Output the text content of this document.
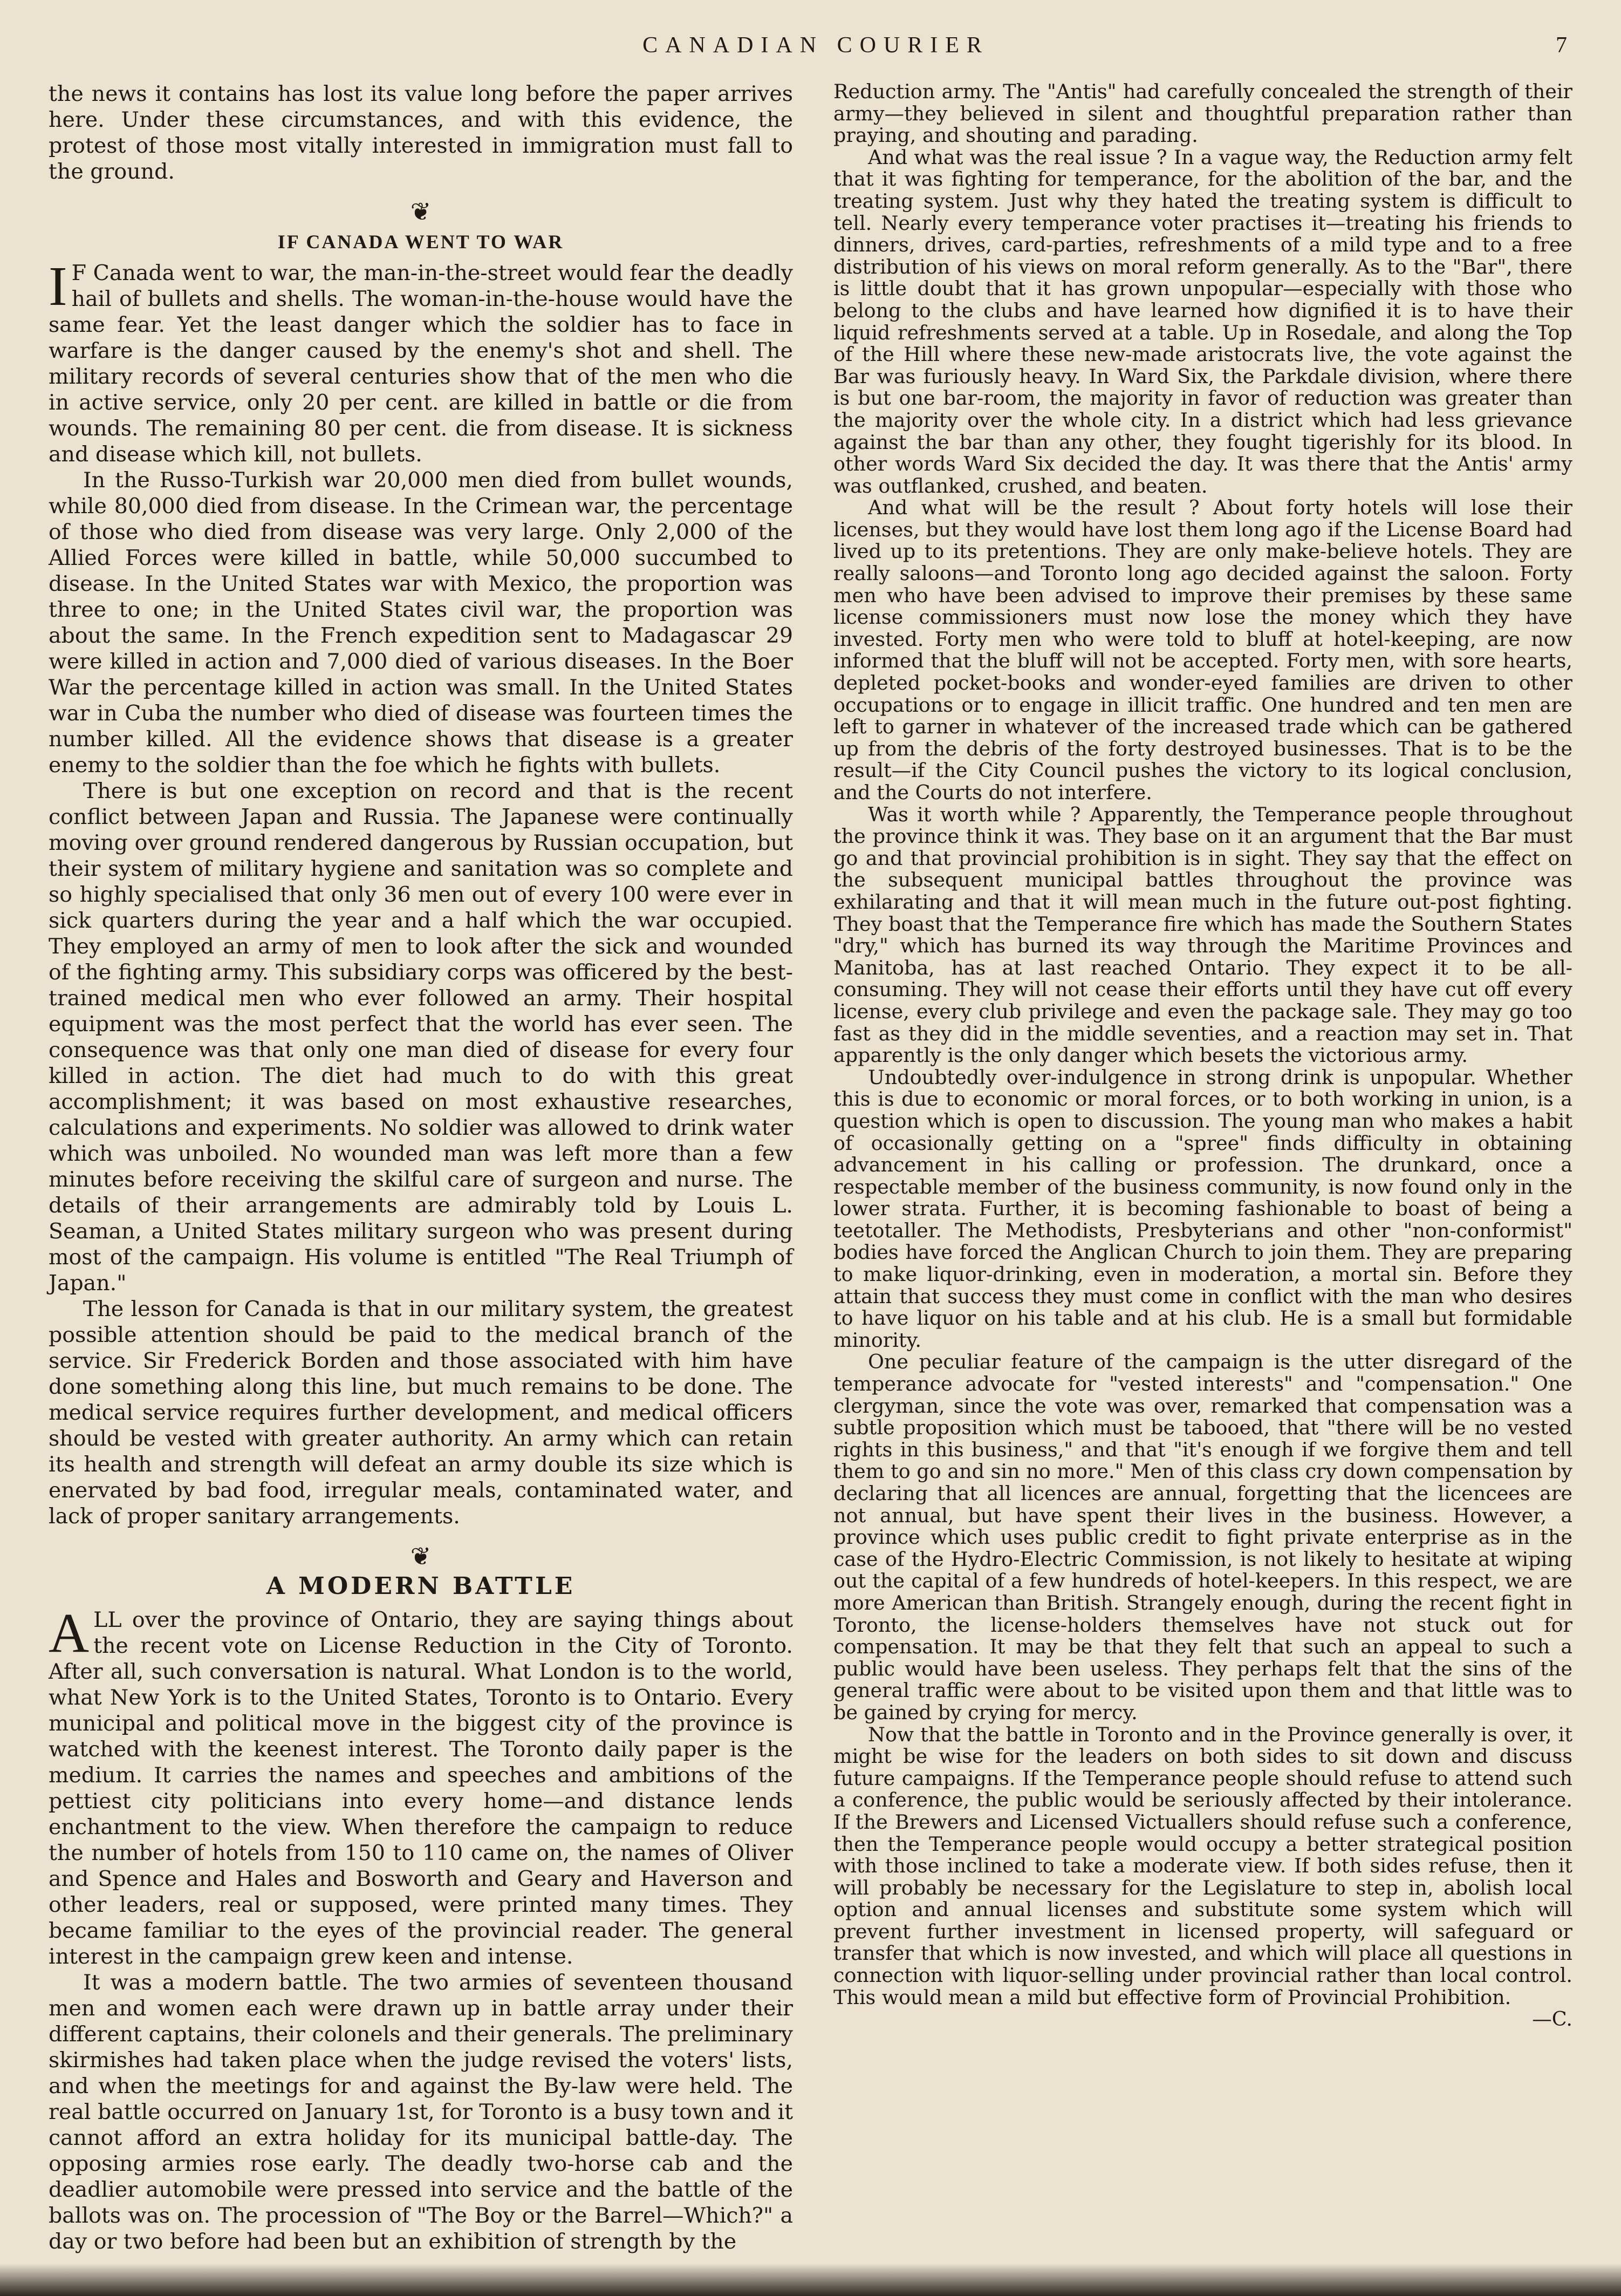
CANADIAN COURIER	7

the news it contains has lost its value long before the paper arrives here. Under these circumstances, and with this evidence, the protest of those most vitally interested in immigration must fall to the ground.

❦
IF CANADA WENT TO WAR

I F Canada went to war, the man-in-the-street would fear the deadly hail of bullets and shells. The woman-in-the-house would have the same fear. Yet the least danger which the soldier has to face in warfare is the danger caused by the enemy's shot and shell. The military records of several centuries show that of the men who die in active service, only 20 per cent. are killed in battle or die from wounds. The remaining 80 per cent. die from disease. It is sickness and disease which kill, not bullets.

In the Russo-Turkish war 20,000 men died from bullet wounds, while 80,000 died from disease. In the Crimean war, the percentage of those who died from disease was very large. Only 2,000 of the Allied Forces were killed in battle, while 50,000 succumbed to disease. In the United States war with Mexico, the proportion was three to one; in the United States civil war, the proportion was about the same. In the French expedition sent to Madagascar 29 were killed in action and 7,000 died of various diseases. In the Boer War the percentage killed in action was small. In the United States war in Cuba the number who died of disease was fourteen times the number killed. All the evidence shows that disease is a greater enemy to the soldier than the foe which he fights with bullets.

There is but one exception on record and that is the recent conflict between Japan and Russia. The Japanese were continually moving over ground rendered dangerous by Russian occupation, but their system of military hygiene and sanitation was so complete and so highly specialised that only 36 men out of every 100 were ever in sick quarters during the year and a half which the war occupied. They employed an army of men to look after the sick and wounded of the fighting army. This subsidiary corps was officered by the best-trained medical men who ever followed an army. Their hospital equipment was the most perfect that the world has ever seen. The consequence was that only one man died of disease for every four killed in action. The diet had much to do with this great accomplishment; it was based on most exhaustive researches, calculations and experiments. No soldier was allowed to drink water which was unboiled. No wounded man was left more than a few minutes before receiving the skilful care of surgeon and nurse. The details of their arrangements are admirably told by Louis L. Seaman, a United States military surgeon who was present during most of the campaign. His volume is entitled "The Real Triumph of Japan."

The lesson for Canada is that in our military system, the greatest possible attention should be paid to the medical branch of the service. Sir Frederick Borden and those associated with him have done something along this line, but much remains to be done. The medical service requires further development, and medical officers should be vested with greater authority. An army which can retain its health and strength will defeat an army double its size which is enervated by bad food, irregular meals, contaminated water, and lack of proper sanitary arrangements.

❦
A MODERN BATTLE

ALL over the province of Ontario, they are saying things about the recent vote on License Reduction in the City of Toronto. After all, such conversation is natural. What London is to the world, what New York is to the United States, Toronto is to Ontario. Every municipal and political move in the biggest city of the province is watched with the keenest interest. The Toronto daily paper is the medium. It carries the names and speeches and ambitions of the pettiest city politicians into every home—and distance lends enchantment to the view. When therefore the campaign to reduce the number of hotels from 150 to 110 came on, the names of Oliver and Spence and Hales and Bosworth and Geary and Haverson and other leaders, real or supposed, were printed many times. They became familiar to the eyes of the provincial reader. The general interest in the campaign grew keen and intense.

It was a modern battle. The two armies of seventeen thousand men and women each were drawn up in battle array under their different captains, their colonels and their generals. The preliminary skirmishes had taken place when the judge revised the voters' lists, and when the meetings for and against the By-law were held. The real battle occurred on January 1st, for Toronto is a busy town and it cannot afford an extra holiday for its municipal battle-day. The opposing armies rose early. The deadly two-horse cab and the deadlier automobile were pressed into service and the battle of the ballots was on. The procession of "The Boy or the Barrel—Which?" a day or two before had been but an exhibition of strength by the

Reduction army. The "Antis" had carefully concealed the strength of their army—they believed in silent and thoughtful preparation rather than praying, and shouting and parading.

And what was the real issue ? In a vague way, the Reduction army felt that it was fighting for temperance, for the abolition of the bar, and the treating system. Just why they hated the treating system is difficult to tell. Nearly every temperance voter practises it—treating his friends to dinners, drives, card-parties, refreshments of a mild type and to a free distribution of his views on moral reform generally. As to the "Bar", there is little doubt that it has grown unpopular—especially with those who belong to the clubs and have learned how dignified it is to have their liquid refreshments served at a table. Up in Rosedale, and along the Top of the Hill where these new-made aristocrats live, the vote against the Bar was furiously heavy. In Ward Six, the Parkdale division, where there is but one bar-room, the majority in favor of reduction was greater than the majority over the whole city. In a district which had less grievance against the bar than any other, they fought tigerishly for its blood. In other words Ward Six decided the day. It was there that the Antis' army was outflanked, crushed, and beaten.

And what will be the result ? About forty hotels will lose their licenses, but they would have lost them long ago if the License Board had lived up to its pretentions. They are only make-believe hotels. They are really saloons—and Toronto long ago decided against the saloon. Forty men who have been advised to improve their premises by these same license commissioners must now lose the money which they have invested. Forty men who were told to bluff at hotel-keeping, are now informed that the bluff will not be accepted. Forty men, with sore hearts, depleted pocket-books and wonder-eyed families are driven to other occupations or to engage in illicit traffic. One hundred and ten men are left to garner in whatever of the increased trade which can be gathered up from the debris of the forty destroyed businesses. That is to be the result—if the City Council pushes the victory to its logical conclusion, and the Courts do not interfere.

Was it worth while ? Apparently, the Temperance people throughout the province think it was. They base on it an argument that the Bar must go and that provincial prohibition is in sight. They say that the effect on the subsequent municipal battles throughout the province was exhilarating and that it will mean much in the future out-post fighting. They boast that the Temperance fire which has made the Southern States "dry," which has burned its way through the Maritime Provinces and Manitoba, has at last reached Ontario. They expect it to be all-consuming. They will not cease their efforts until they have cut off every license, every club privilege and even the package sale. They may go too fast as they did in the middle seventies, and a reaction may set in. That apparently is the only danger which besets the victorious army.

Undoubtedly over-indulgence in strong drink is unpopular. Whether this is due to economic or moral forces, or to both working in union, is a question which is open to discussion. The young man who makes a habit of occasionally getting on a "spree" finds difficulty in obtaining advancement in his calling or profession. The drunkard, once a respectable member of the business community, is now found only in the lower strata. Further, it is becoming fashionable to boast of being a teetotaller. The Methodists, Presbyterians and other "non-conformist" bodies have forced the Anglican Church to join them. They are preparing to make liquor-drinking, even in moderation, a mortal sin. Before they attain that success they must come in conflict with the man who desires to have liquor on his table and at his club. He is a small but formidable minority.

One peculiar feature of the campaign is the utter disregard of the temperance advocate for "vested interests" and "compensation." One clergyman, since the vote was over, remarked that compensation was a subtle proposition which must be tabooed, that "there will be no vested rights in this business," and that "it's enough if we forgive them and tell them to go and sin no more." Men of this class cry down compensation by declaring that all licences are annual, forgetting that the licencees are not annual, but have spent their lives in the business. However, a province which uses public credit to fight private enterprise as in the case of the Hydro-Electric Commission, is not likely to hesitate at wiping out the capital of a few hundreds of hotel-keepers. In this respect, we are more American than British. Strangely enough, during the recent fight in Toronto, the license-holders themselves have not stuck out for compensation. It may be that they felt that such an appeal to such a public would have been useless. They perhaps felt that the sins of the general traffic were about to be visited upon them and that little was to be gained by crying for mercy.

Now that the battle in Toronto and in the Province generally is over, it might be wise for the leaders on both sides to sit down and discuss future campaigns. If the Temperance people should refuse to attend such a conference, the public would be seriously affected by their intolerance. If the Brewers and Licensed Victuallers should refuse such a conference, then the Temperance people would occupy a better strategical position with those inclined to take a moderate view. If both sides refuse, then it will probably be necessary for the Legislature to step in, abolish local option and annual licenses and substitute some system which will prevent further investment in licensed property, will safeguard or transfer that which is now invested, and which will place all questions in connection with liquor-selling under provincial rather than local control. This would mean a mild but effective form of Provincial Prohibition.

—C.
